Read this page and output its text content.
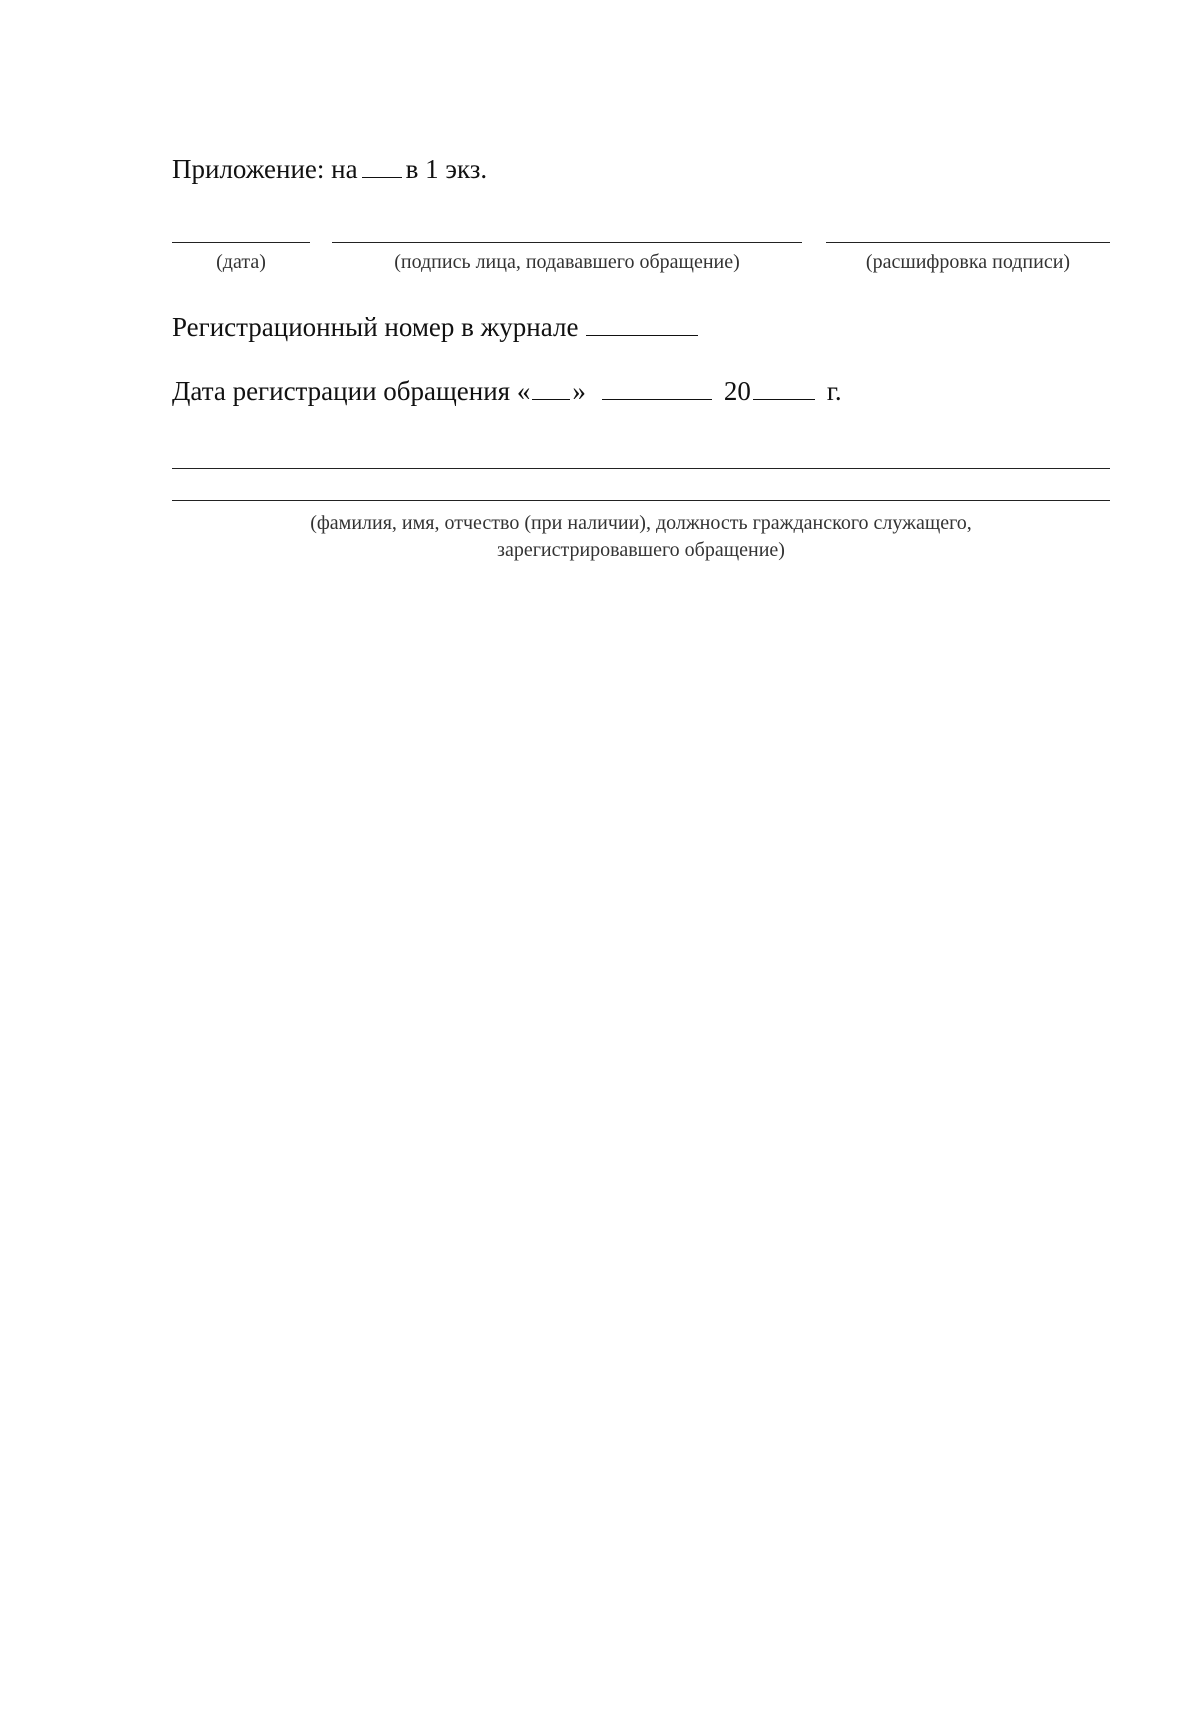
Приложение: на в 1 экз.
(дата)	(подпись лица, подававшего обращение)	(расшифровка подписи)
Регистрационный номер в журнале
Дата регистрации обращения « »	20	г.
(фамилия, имя, отчество (при наличии), должность гражданского служащего,
зарегистрировавшего обращение)
